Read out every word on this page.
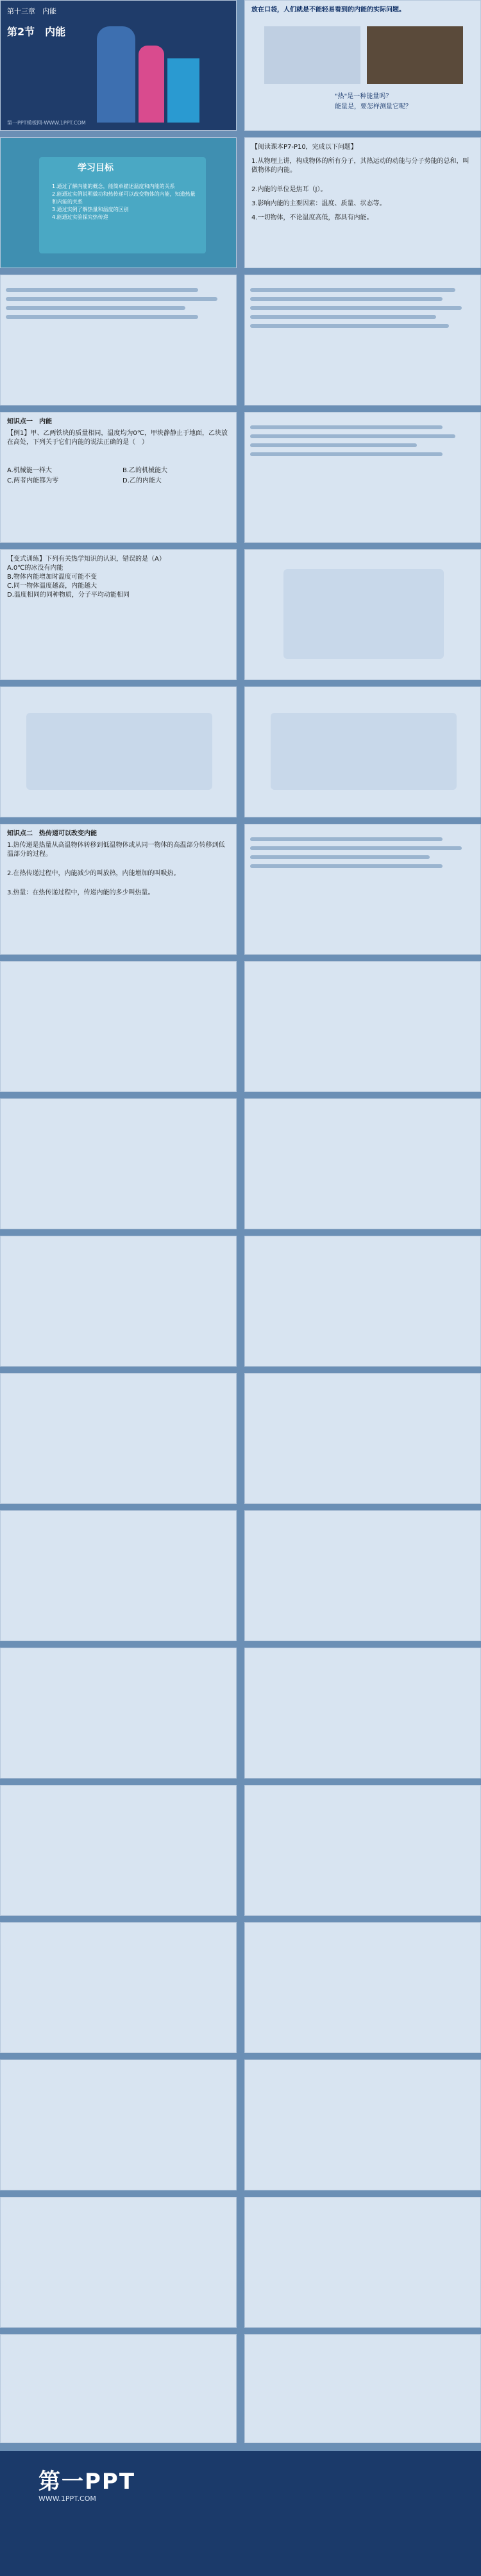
第十三章　内能
第2节　内能
第一PPT模板网-WWW.1PPT.COM
放在口袋，人们就是不能轻易看到的内能的实际问题。
"热"是一种能量吗？
能量是，要怎样测量它呢？
学习目标
1.通过了解内能的概念，能简单描述温度和内能的关系
2.能通过实例说明做功和热传递可以改变物体的内能，知道热量和内能的关系
3.通过实例了解热量和温度的区别
4.能通过实验探究热传递
【阅读课本P7-P10，完成以下问题】
1.从物理上讲，构成物体的所有分子，其热运动的动能与分子势能的总和，叫做物体的内能。
2.内能的单位是焦耳（J）。
3.影响内能的主要因素：温度、质量、状态等。
4.一切物体，不论温度高低，都具有内能。
知识点一　内能
【例1】甲、乙两铁块的质量相同，温度均为0℃，甲块静静止于地面，乙块放在高处，下列关于它们内能的说法正确的是（　）
A.机械能一样大	B.乙的机械能大
C.两者内能都为零	D.乙的内能大
【变式训练】下列有关热学知识的认识，错误的是（A）
A.0℃的冰没有内能
B.物体内能增加时温度可能不变
C.同一物体温度越高，内能越大
D.温度相同的同种物质，分子平均动能相同
知识点二　热传递可以改变内能
1.热传递是热量从高温物体转移到低温物体或从同一物体的高温部分转移到低温部分的过程。
2.在热传递过程中，内能减少的叫放热，内能增加的叫吸热。
3.热量：在热传递过程中，传递内能的多少叫热量。
第一PPT
WWW.1PPT.COM
